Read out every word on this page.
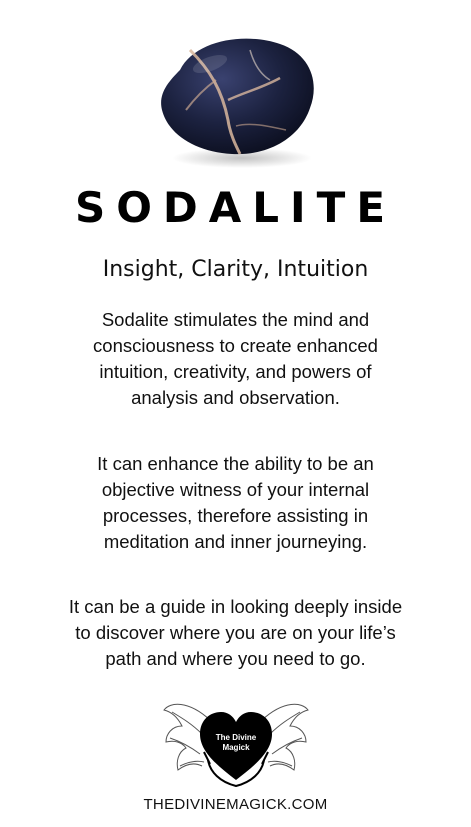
SODALITE
Insight, Clarity, Intuition

Sodalite stimulates the mind and
consciousness to create enhanced
intuition, creativity, and powers of
analysis and observation.

It can enhance the ability to be an
objective witness of your internal
processes, therefore assisting in
meditation and inner journeying.

It can be a guide in looking deeply inside
to discover where you are on your life’s
path and where you need to go.

The Divine
Magick
THEDIVINEMAGICK.COM
